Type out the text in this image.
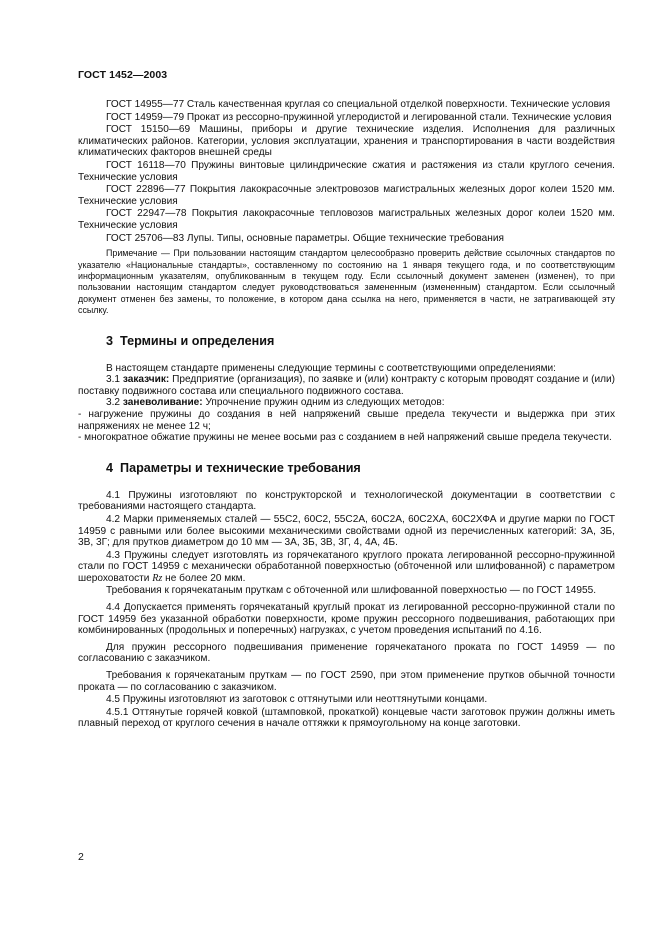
ГОСТ 1452—2003

ГОСТ 14955—77 Сталь качественная круглая со специальной отделкой поверхности. Технические условия

ГОСТ 14959—79 Прокат из рессорно-пружинной углеродистой и легированной стали. Технические условия

ГОСТ 15150—69 Машины, приборы и другие технические изделия. Исполнения для различных климатических районов. Категории, условия эксплуатации, хранения и транспортирования в части воздействия климатических факторов внешней среды

ГОСТ 16118—70 Пружины винтовые цилиндрические сжатия и растяжения из стали круглого сечения. Технические условия

ГОСТ 22896—77 Покрытия лакокрасочные электровозов магистральных железных дорог колеи 1520 мм. Технические условия

ГОСТ 22947—78 Покрытия лакокрасочные тепловозов магистральных железных дорог колеи 1520 мм. Технические условия

ГОСТ 25706—83 Лупы. Типы, основные параметры. Общие технические требования

Примечание — При пользовании настоящим стандартом целесообразно проверить действие ссылочных стандартов по указателю «Национальные стандарты», составленному по состоянию на 1 января текущего года, и по соответствующим информационным указателям, опубликованным в текущем году. Если ссылочный документ заменен (изменен), то при пользовании настоящим стандартом следует руководствоваться замененным (измененным) стандартом. Если ссылочный документ отменен без замены, то положение, в котором дана ссылка на него, применяется в части, не затрагивающей эту ссылку.

3 Термины и определения

В настоящем стандарте применены следующие термины с соответствующими определениями:

3.1 заказчик: Предприятие (организация), по заявке и (или) контракту с которым проводят создание и (или) поставку подвижного состава или специального подвижного состава.

3.2 заневоливание: Упрочнение пружин одним из следующих методов:

- нагружение пружины до создания в ней напряжений свыше предела текучести и выдержка при этих напряжениях не менее 12 ч;

- многократное обжатие пружины не менее восьми раз с созданием в ней напряжений свыше предела текучести.

4 Параметры и технические требования

4.1 Пружины изготовляют по конструкторской и технологической документации в соответствии с требованиями настоящего стандарта.

4.2 Марки применяемых сталей — 55С2, 60С2, 55С2А, 60С2А, 60С2ХА, 60С2ХФА и другие марки по ГОСТ 14959 с равными или более высокими механическими свойствами одной из перечисленных категорий: 3А, 3Б, 3В, 3Г; для прутков диаметром до 10 мм — 3А, 3Б, 3В, 3Г, 4, 4А, 4Б.

4.3 Пружины следует изготовлять из горячекатаного круглого проката легированной рессорно-пружинной стали по ГОСТ 14959 с механически обработанной поверхностью (обточенной или шлифованной) с параметром шероховатости Rz не более 20 мкм.

Требования к горячекатаным пруткам с обточенной или шлифованной поверхностью — по ГОСТ 14955.

4.4 Допускается применять горячекатаный круглый прокат из легированной рессорно-пружинной стали по ГОСТ 14959 без указанной обработки поверхности, кроме пружин рессорного подвешивания, работающих при комбинированных (продольных и поперечных) нагрузках, с учетом проведения испытаний по 4.16.

Для пружин рессорного подвешивания применение горячекатаного проката по ГОСТ 14959 — по согласованию с заказчиком.

Требования к горячекатаным пруткам — по ГОСТ 2590, при этом применение прутков обычной точности проката — по согласованию с заказчиком.

4.5 Пружины изготовляют из заготовок с оттянутыми или неоттянутыми концами.

4.5.1 Оттянутые горячей ковкой (штамповкой, прокаткой) концевые части заготовок пружин должны иметь плавный переход от круглого сечения в начале оттяжки к прямоугольному на конце заготовки.

2
